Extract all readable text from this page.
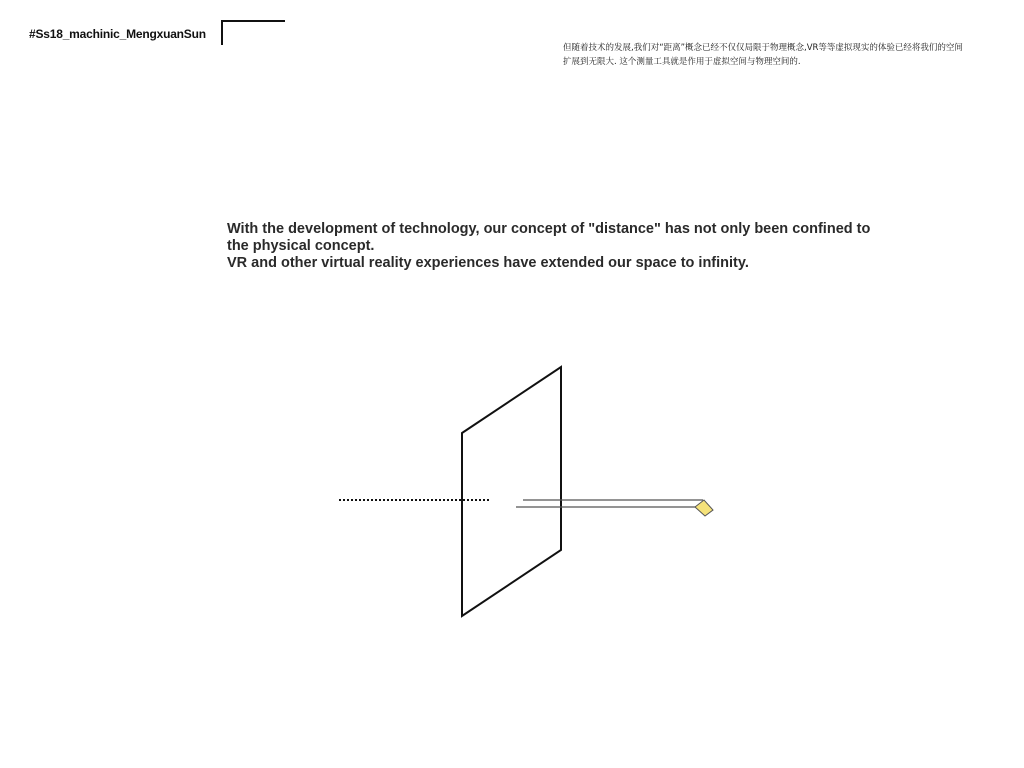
#Ss18_machinic_MengxuanSun
但随着技术的发展,我们对“距离”概念已经不仅仅局限于物理概念,VR等等虚拟现实的体验已经将我们的空间
扩展到无限大. 这个测量工具就是作用于虚拟空间与物理空间的.
With the development of technology, our concept of "distance" has not only been confined to
the physical concept.
VR and other virtual reality experiences have extended our space to infinity.
